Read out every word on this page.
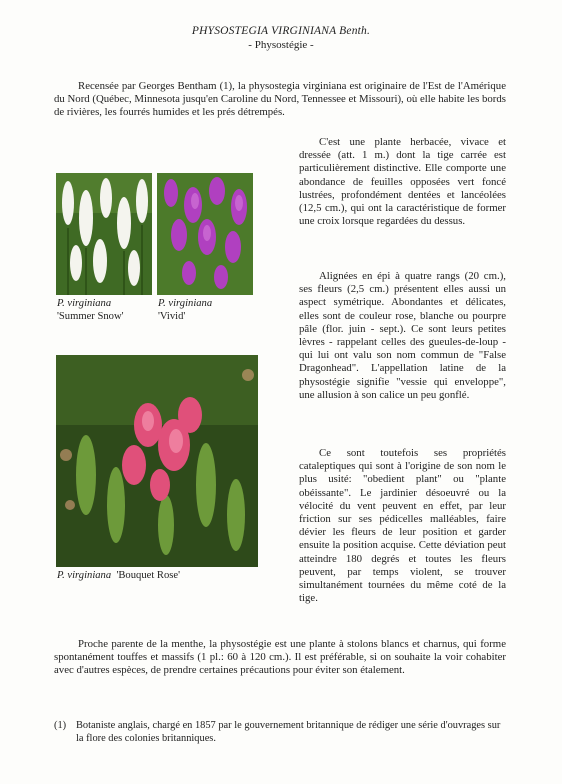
PHYSOSTEGIA VIRGINIANA Benth.
- Physostégie -
Recensée par Georges Bentham (1), la physostegia virginiana est originaire de l'Est de l'Amérique du Nord (Québec, Minnesota jusqu'en Caroline du Nord, Tennessee et Missouri), où elle habite les bords de rivières, les fourrés humides et les prés détrempés.
P. virginiana
'Summer Snow'
P. virginiana
'Vivid'
P. virginiana 'Bouquet Rose'
C'est une plante herbacée, vivace et dressée (att. 1 m.) dont la tige carrée est particulièrement distinctive. Elle comporte une abondance de feuilles opposées vert foncé lustrées, profondément dentées et lancéolées (12,5 cm.), qui ont la caractéristique de former une croix lorsque regardées du dessus.
Alignées en épi à quatre rangs (20 cm.), ses fleurs (2,5 cm.) présentent elles aussi un aspect symétrique. Abondantes et délicates, elles sont de couleur rose, blanche ou pourpre pâle (flor. juin - sept.). Ce sont leurs petites lèvres - rappelant celles des gueules-de-loup - qui lui ont valu son nom commun de "False Dragonhead". L'appellation latine de la physostégie signifie "vessie qui enveloppe", une allusion à son calice un peu gonflé.
Ce sont toutefois ses propriétés cataleptiques qui sont à l'origine de son nom le plus usité: "obedient plant" ou "plante obéissante". Le jardinier désoeuvré ou la vélocité du vent peuvent en effet, par leur friction sur ses pédicelles malléables, faire dévier les fleurs de leur position et garder ensuite la position acquise. Cette déviation peut atteindre 180 degrés et toutes les fleurs peuvent, par temps violent, se trouver simultanément tournées du même coté de la tige.
Proche parente de la menthe, la physostégie est une plante à stolons blancs et charnus, qui forme spontanément touffes et massifs (1 pl.: 60 à 120 cm.). Il est préférable, si on souhaite la voir cohabiter avec d'autres espèces, de prendre certaines précautions pour éviter son étalement.
(1) Botaniste anglais, chargé en 1857 par le gouvernement britannique de rédiger une série d'ouvrages sur la flore des colonies britanniques.
